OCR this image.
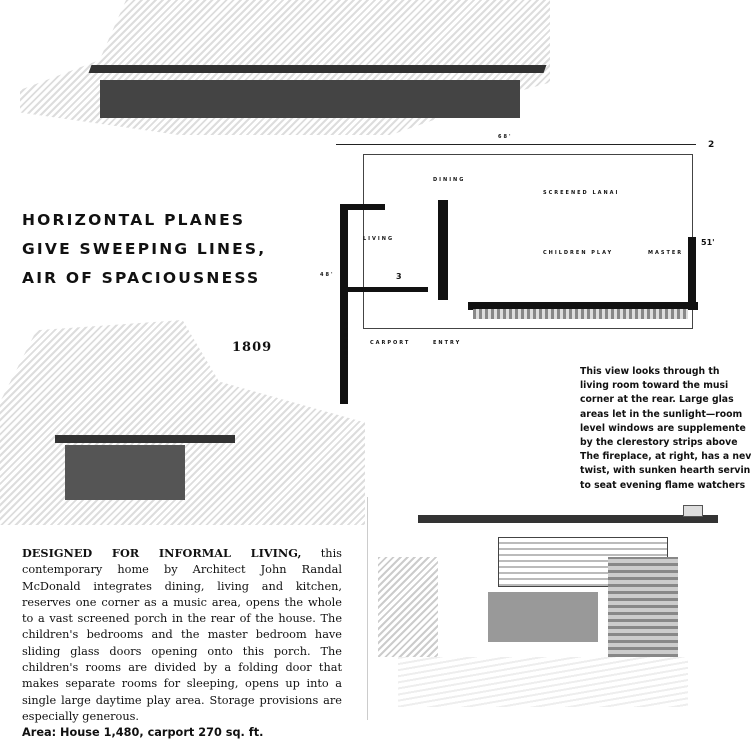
HORIZONTAL PLANES
GIVE SWEEPING LINES,
AIR OF SPACIOUSNESS
1809
68'
48'
51'
2
DINING
SCREENED LANAI
LIVING
CHILDREN PLAY	MASTER
CARPORT	ENTRY
STORAGE
3
DESIGNED FOR INFORMAL LIVING, this contemporary home by Architect John Randal McDonald integrates dining, living and kitchen, reserves one corner as a music area, opens the whole to a vast screened porch in the rear of the house. The children's bedrooms and the master bedroom have sliding glass doors opening onto this porch. The children's rooms are divided by a folding door that makes separate rooms for sleeping, opens up into a single large daytime play area. Storage provisions are especially generous.
Area: House 1,480, carport 270 sq. ft.
This view looks through th
living room toward the musi
corner at the rear. Large glas
areas let in the sunlight—room
level windows are supplemente
by the clerestory strips above
The fireplace, at right, has a nev
twist, with sunken hearth servin
to seat evening flame watchers
